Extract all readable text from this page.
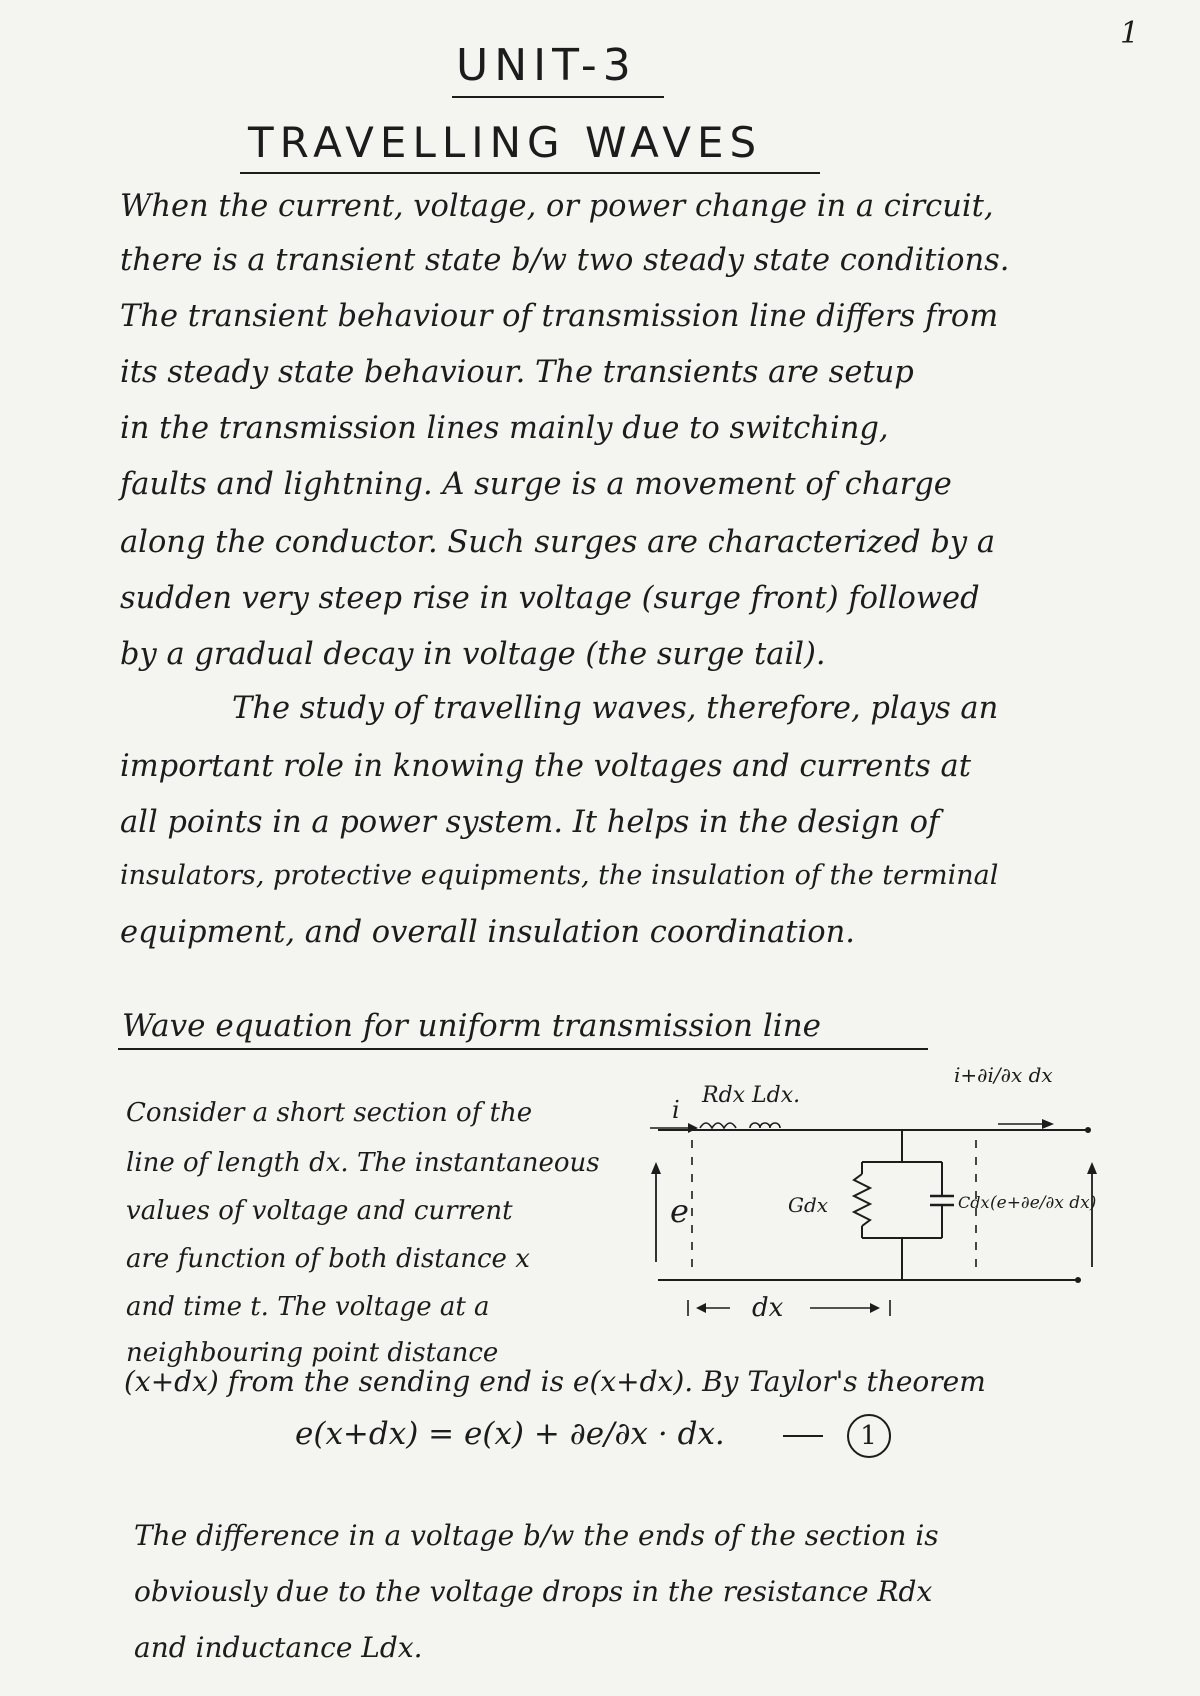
1
UNIT-3
TRAVELLING WAVES
When the current, voltage, or power change in a circuit,
there is a transient state b/w two steady state conditions.
The transient behaviour of transmission line differs from
its steady state behaviour. The transients are setup
in the transmission lines mainly due to switching,
faults and lightning. A surge is a movement of charge
along the conductor. Such surges are characterized by a
sudden very steep rise in voltage (surge front) followed
by a gradual decay in voltage (the surge tail).
The study of travelling waves, therefore, plays an
important role in knowing the voltages and currents at
all points in a power system. It helps in the design of
insulators, protective equipments, the insulation of the terminal
equipment, and overall insulation coordination.
Wave equation for uniform transmission line
Consider a short section of the
line of length dx. The instantaneous
values of voltage and current
are function of both distance x
and time t. The voltage at a
neighbouring point distance
i
Rdx Ldx.
i+∂i/∂x dx
e	Gdx	Cdx (e+∂e/∂x dx)
dx
(x+dx) from the sending end is e(x+dx). By Taylor's theorem
e(x+dx) = e(x) + ∂e/∂x · dx.	1
The difference in a voltage b/w the ends of the section is
obviously due to the voltage drops in the resistance Rdx
and inductance Ldx.
